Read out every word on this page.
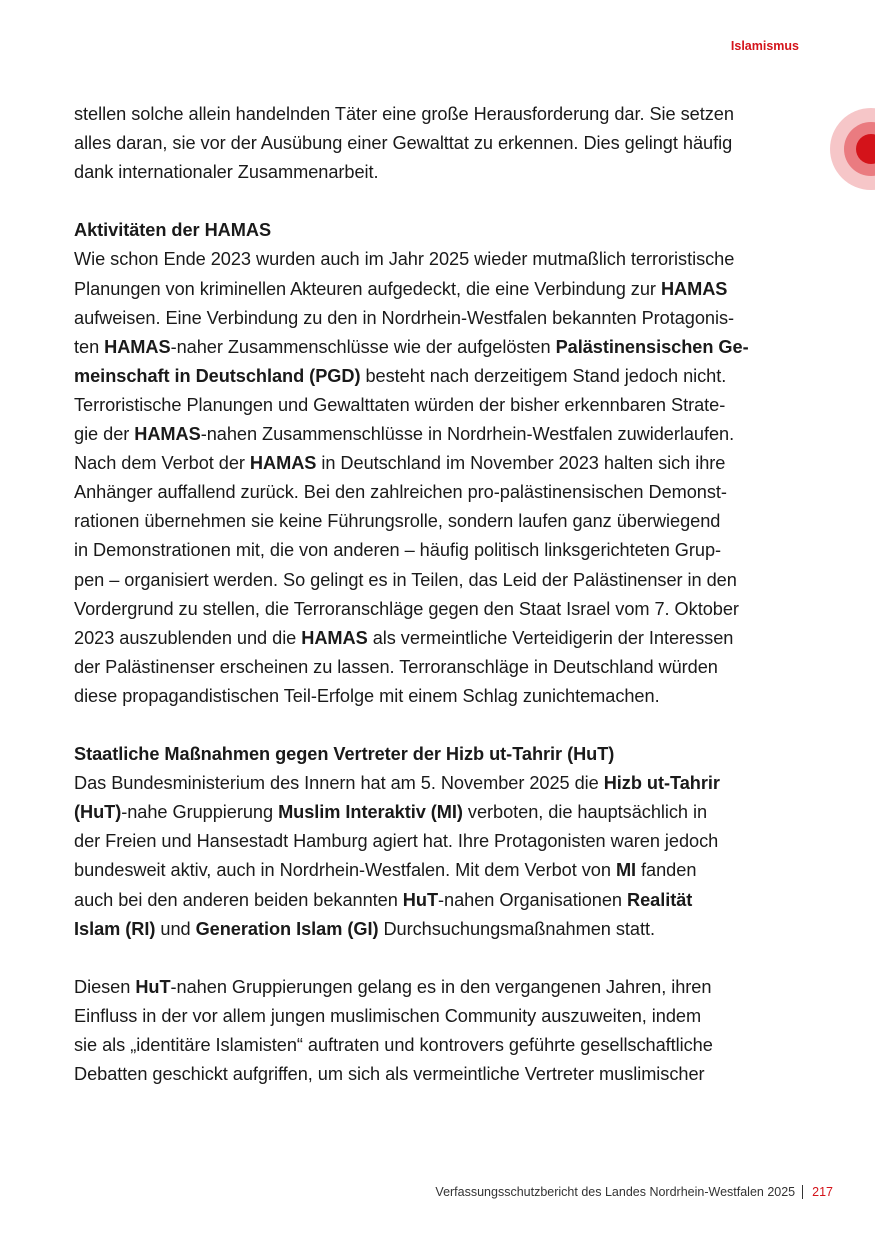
Islamismus
stellen solche allein handelnden Täter eine große Herausforderung dar. Sie setzen
alles daran, sie vor der Ausübung einer Gewalttat zu erkennen. Dies gelingt häufig
dank internationaler Zusammenarbeit.
Aktivitäten der HAMAS
Wie schon Ende 2023 wurden auch im Jahr 2025 wieder mutmaßlich terroristische
Planungen von kriminellen Akteuren aufgedeckt, die eine Verbindung zur HAMAS
aufweisen. Eine Verbindung zu den in Nordrhein-Westfalen bekannten Protagonis-
ten HAMAS-naher Zusammenschlüsse wie der aufgelösten Palästinensischen Ge-
meinschaft in Deutschland (PGD) besteht nach derzeitigem Stand jedoch nicht.
Terroristische Planungen und Gewalttaten würden der bisher erkennbaren Strate-
gie der HAMAS-nahen Zusammenschlüsse in Nordrhein-Westfalen zuwiderlaufen.
Nach dem Verbot der HAMAS in Deutschland im November 2023 halten sich ihre
Anhänger auffallend zurück. Bei den zahlreichen pro-palästinensischen Demonst-
rationen übernehmen sie keine Führungsrolle, sondern laufen ganz überwiegend
in Demonstrationen mit, die von anderen – häufig politisch linksgerichteten Grup-
pen – organisiert werden. So gelingt es in Teilen, das Leid der Palästinenser in den
Vordergrund zu stellen, die Terroranschläge gegen den Staat Israel vom 7. Oktober
2023 auszublenden und die HAMAS als vermeintliche Verteidigerin der Interessen
der Palästinenser erscheinen zu lassen. Terroranschläge in Deutschland würden
diese propagandistischen Teil-Erfolge mit einem Schlag zunichtemachen.
Staatliche Maßnahmen gegen Vertreter der Hizb ut-Tahrir (HuT)
Das Bundesministerium des Innern hat am 5. November 2025 die Hizb ut-Tahrir
(HuT)-nahe Gruppierung Muslim Interaktiv (MI) verboten, die hauptsächlich in
der Freien und Hansestadt Hamburg agiert hat. Ihre Protagonisten waren jedoch
bundesweit aktiv, auch in Nordrhein-Westfalen. Mit dem Verbot von MI fanden
auch bei den anderen beiden bekannten HuT-nahen Organisationen Realität
Islam (RI) und Generation Islam (GI) Durchsuchungsmaßnahmen statt.
Diesen HuT-nahen Gruppierungen gelang es in den vergangenen Jahren, ihren
Einfluss in der vor allem jungen muslimischen Community auszuweiten, indem
sie als „identitäre Islamisten“ auftraten und kontrovers geführte gesellschaftliche
Debatten geschickt aufgriffen, um sich als vermeintliche Vertreter muslimischer
Verfassungsschutzbericht des Landes Nordrhein-Westfalen 2025 217
